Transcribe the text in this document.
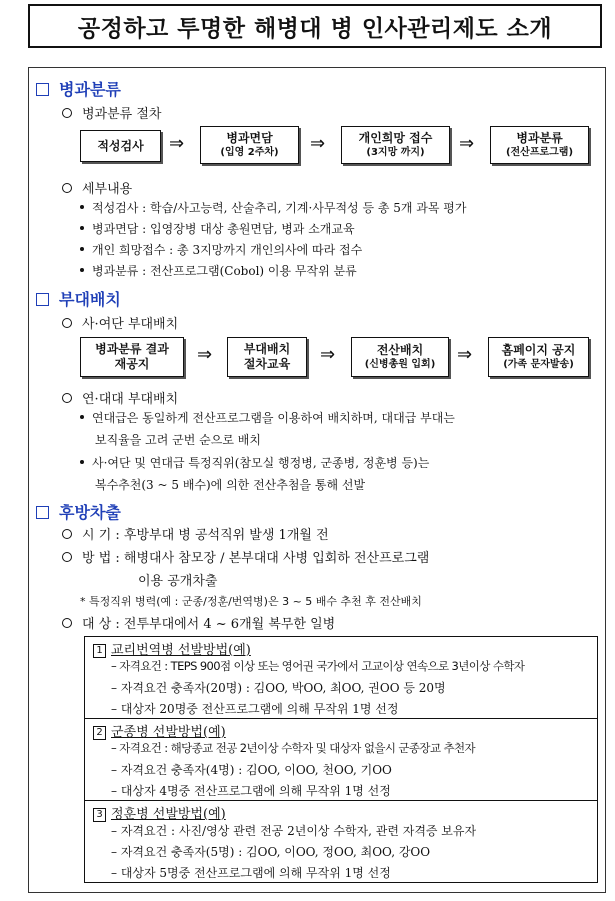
공정하고 투명한 해병대 병 인사관리제도 소개
병과분류
병과분류 절차
적성검사 ⇒	병과면담
(입영 2주차) ⇒	개인희망 접수
(3지망 까지) ⇒	병과분류
(전산프로그램)
세부내용
적성검사 : 학습/사고능력, 산술추리, 기계·사무적성 등 총 5개 과목 평가
병과면담 : 입영장병 대상 총원면담, 병과 소개교육
개인 희망접수 : 총 3지망까지 개인의사에 따라 접수
병과분류 : 전산프로그램(Cobol) 이용 무작위 분류
부대배치
사·여단 부대배치
병과분류 결과
재공지	⇒	부대배치
절차교육 ⇒	전산배치
(신병총원 입회) ⇒ 홈페이지 공지
(가족 문자발송)
연·대대 부대배치
연대급은 동일하게 전산프로그램을 이용하여 배치하며, 대대급 부대는
보직율을 고려 군번 순으로 배치
사·여단 및 연대급 특정직위(참모실 행정병, 군종병, 정훈병 등)는
복수추천(3 ~ 5 배수)에 의한 전산추첨을 통해 선발
후방차출
시 기 : 후방부대 병 공석직위 발생 1개월 전
방 법 : 해병대사 참모장 / 본부대대 사병 입회하 전산프로그램
이용 공개차출
* 특정직위 병력(예 : 군종/정훈/번역병)은 3 ~ 5 배수 추천 후 전산배치
대 상 : 전투부대에서 4 ~ 6개월 복무한 일병
1 교리번역병 선발방법(예)
– 자격요건 : TEPS 900점 이상 또는 영어권 국가에서 고교이상 연속으로 3년이상 수학자
– 자격요건 충족자(20명) : 김OO, 박OO, 최OO, 권OO 등 20명
– 대상자 20명중 전산프로그램에 의해 무작위 1명 선정
2 군종병 선발방법(예)
– 자격요건 : 해당종교 전공 2년이상 수학자 및 대상자 없을시 군종장교 추천자
– 자격요건 충족자(4명) : 김OO, 이OO, 천OO, 기OO
– 대상자 4명중 전산프로그램에 의해 무작위 1명 선정
3 정훈병 선발방법(예)
– 자격요건 : 사진/영상 관련 전공 2년이상 수학자, 관련 자격증 보유자
– 자격요건 충족자(5명) : 김OO, 이OO, 정OO, 최OO, 강OO
– 대상자 5명중 전산프로그램에 의해 무작위 1명 선정
